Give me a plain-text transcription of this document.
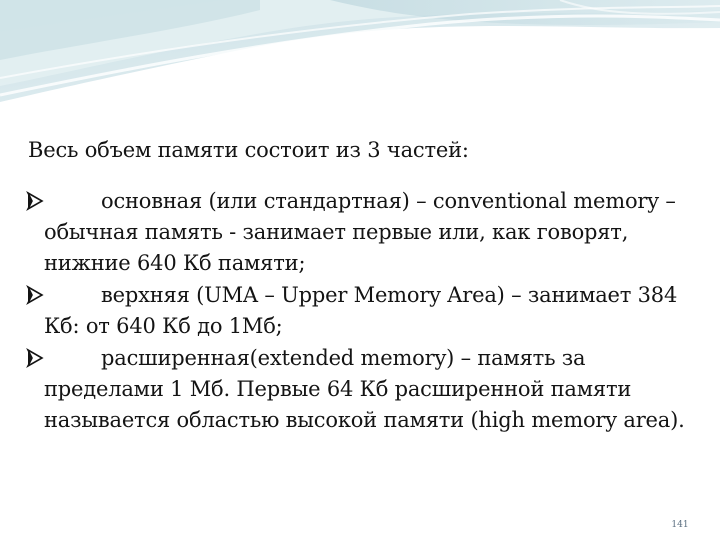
Весь объем памяти состоит из 3 частей:

основная (или стандартная) – conventional memory – обычная память - занимает первые или, как говорят, нижние 640 Кб памяти;
верхняя (UMA – Upper Memory Area) – занимает 384 Кб: от 640 Кб до 1Мб;
расширенная(extended memory) – память за пределами 1 Мб. Первые 64 Кб расширенной памяти называется областью высокой памяти (high memory area).
141
